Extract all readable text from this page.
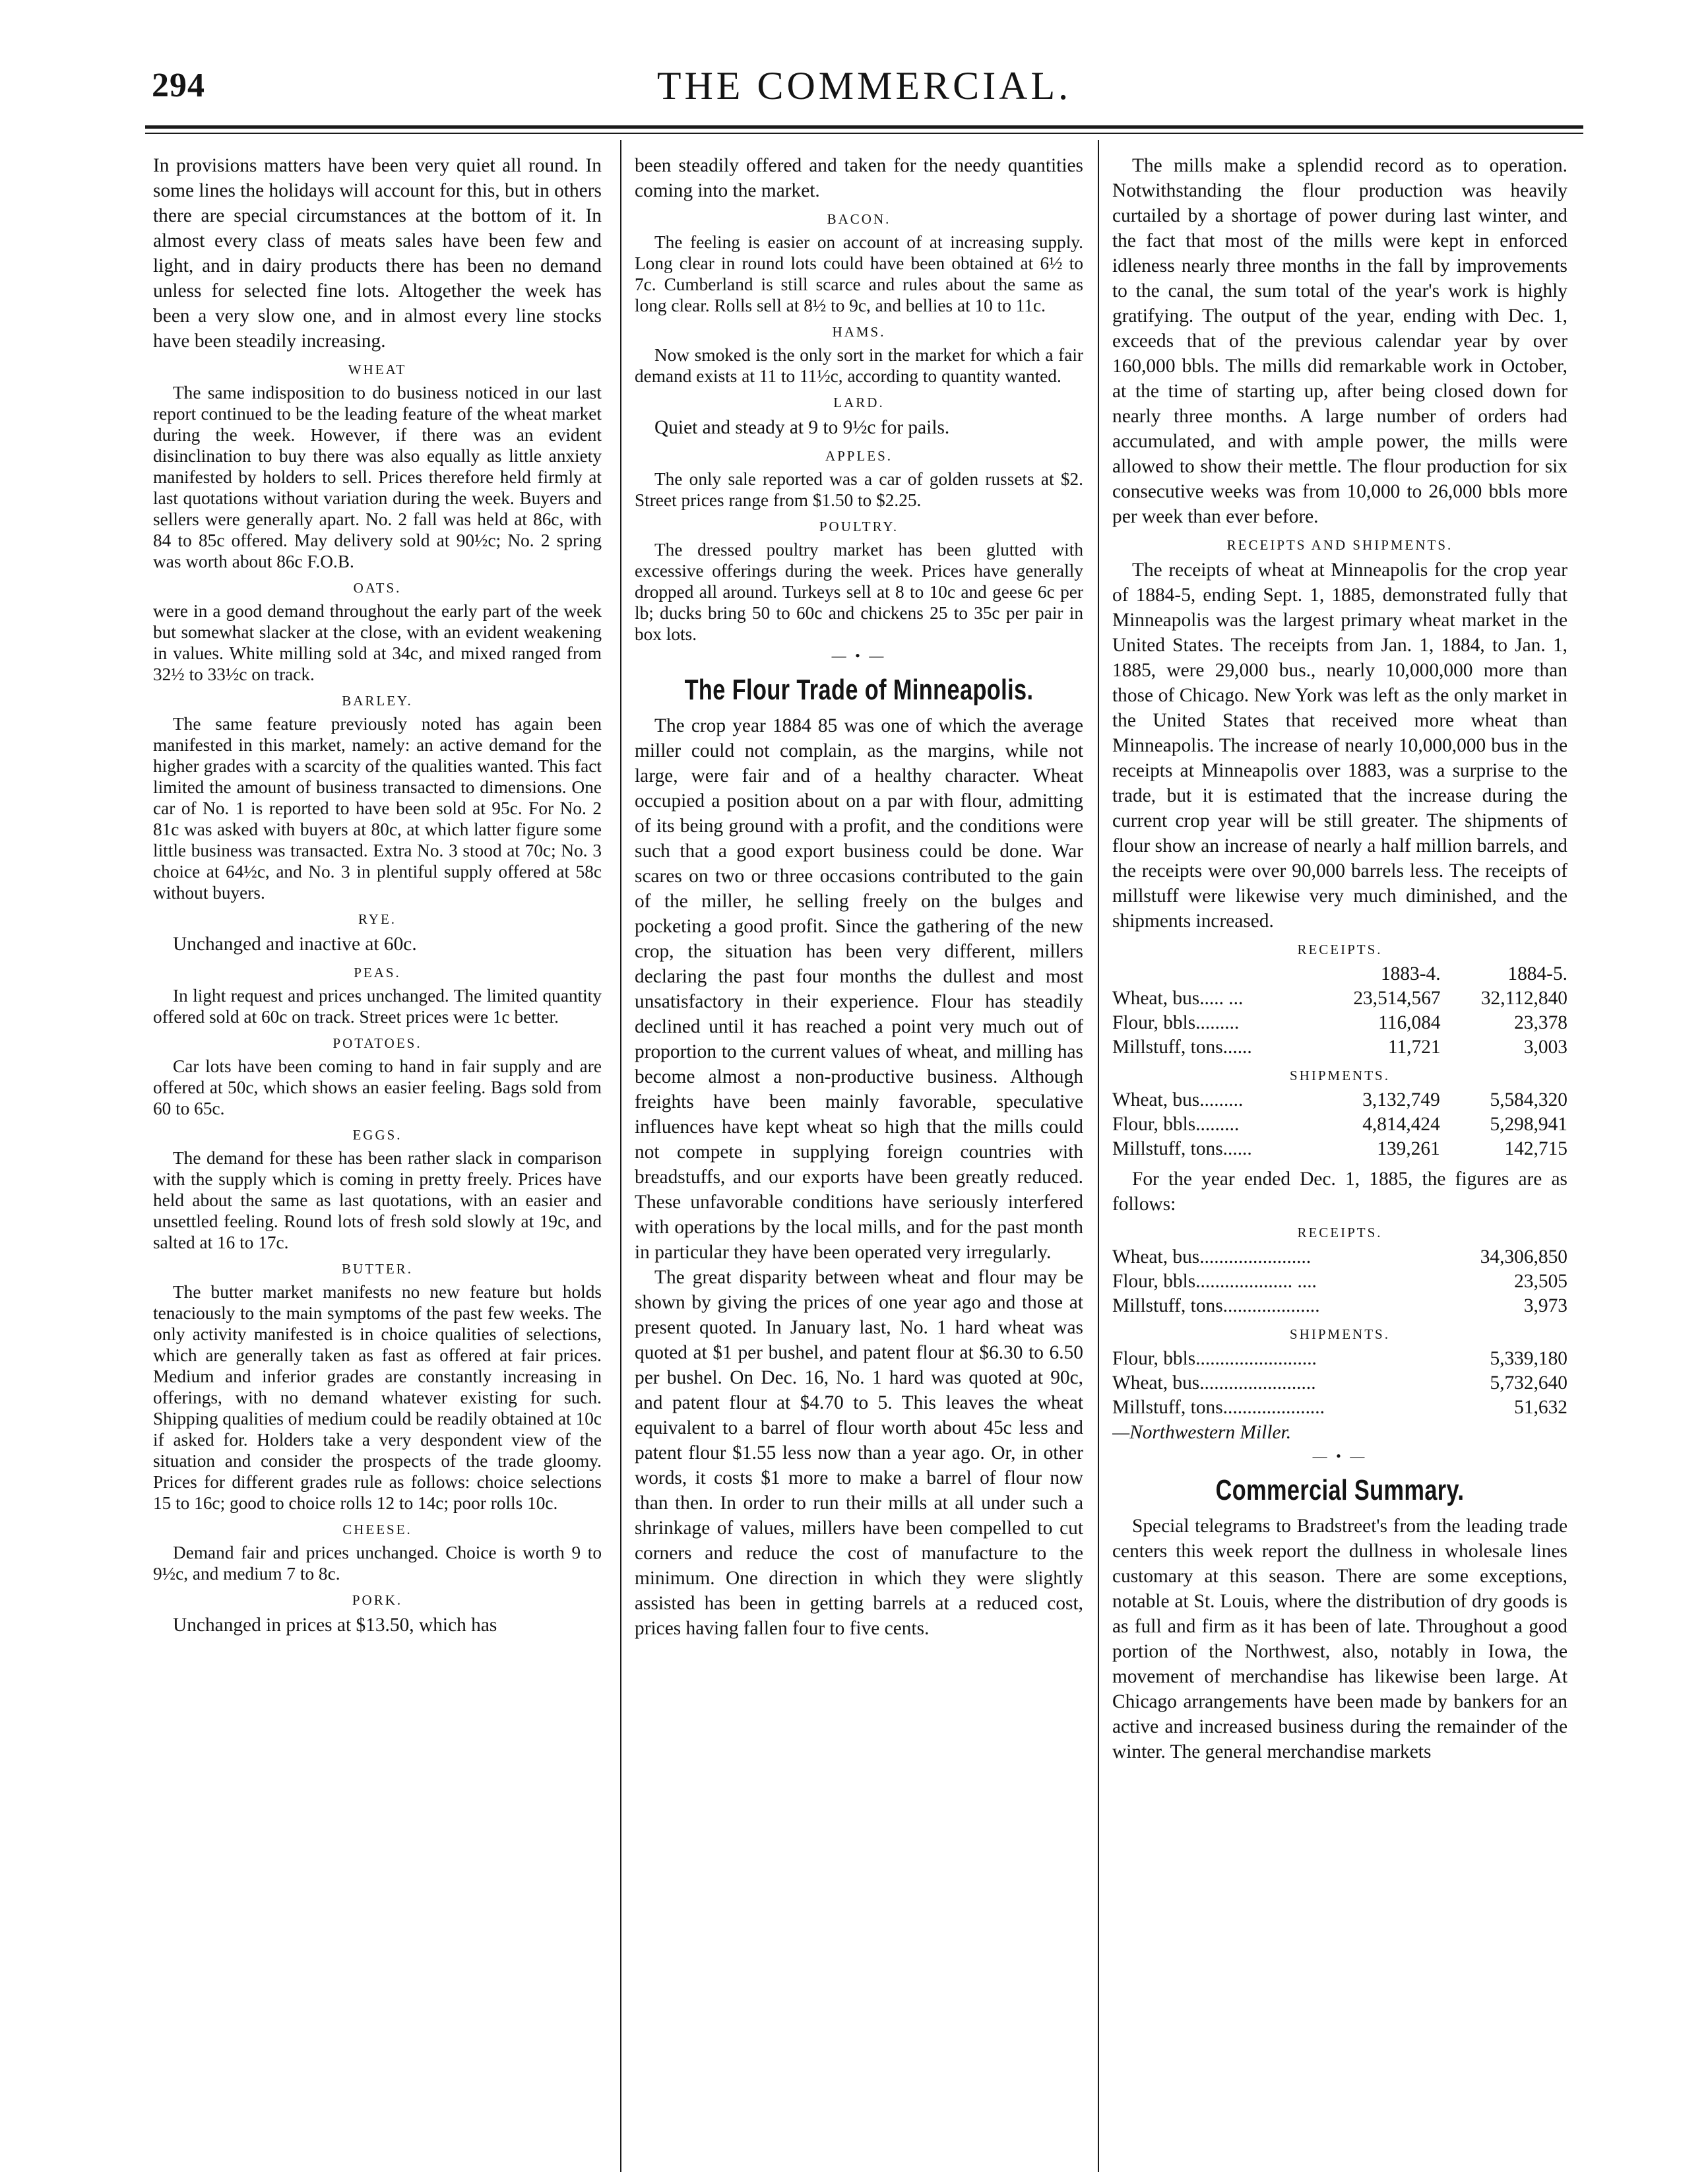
294	THE COMMERCIAL.

In provisions matters have been very quiet all round. In some lines the holidays will account for this, but in others there are special circumstances at the bottom of it. In almost every class of meats sales have been few and light, and in dairy products there has been no demand unless for selected fine lots. Altogether the week has been a very slow one, and in almost every line stocks have been steadily increasing.

WHEAT

The same indisposition to do business noticed in our last report continued to be the leading feature of the wheat market during the week. However, if there was an evident disinclination to buy there was also equally as little anxiety manifested by holders to sell. Prices therefore held firmly at last quotations without variation during the week. Buyers and sellers were generally apart. No. 2 fall was held at 86c, with 84 to 85c offered. May delivery sold at 90½c; No. 2 spring was worth about 86c F.O.B.

OATS.

were in a good demand throughout the early part of the week but somewhat slacker at the close, with an evident weakening in values. White milling sold at 34c, and mixed ranged from 32½ to 33½c on track.

BARLEY.

The same feature previously noted has again been manifested in this market, namely: an active demand for the higher grades with a scarcity of the qualities wanted. This fact limited the amount of business transacted to dimensions. One car of No. 1 is reported to have been sold at 95c. For No. 2 81c was asked with buyers at 80c, at which latter figure some little business was transacted. Extra No. 3 stood at 70c; No. 3 choice at 64½c, and No. 3 in plentiful supply offered at 58c without buyers.

RYE.

Unchanged and inactive at 60c.

PEAS.

In light request and prices unchanged. The limited quantity offered sold at 60c on track. Street prices were 1c better.

POTATOES.

Car lots have been coming to hand in fair supply and are offered at 50c, which shows an easier feeling. Bags sold from 60 to 65c.

EGGS.

The demand for these has been rather slack in comparison with the supply which is coming in pretty freely. Prices have held about the same as last quotations, with an easier and unsettled feeling. Round lots of fresh sold slowly at 19c, and salted at 16 to 17c.

BUTTER.

The butter market manifests no new feature but holds tenaciously to the main symptoms of the past few weeks. The only activity manifested is in choice qualities of selections, which are generally taken as fast as offered at fair prices. Medium and inferior grades are constantly increasing in offerings, with no demand whatever existing for such. Shipping qualities of medium could be readily obtained at 10c if asked for. Holders take a very despondent view of the situation and consider the prospects of the trade gloomy. Prices for different grades rule as follows: choice selections 15 to 16c; good to choice rolls 12 to 14c; poor rolls 10c.

CHEESE.

Demand fair and prices unchanged. Choice is worth 9 to 9½c, and medium 7 to 8c.

PORK.

Unchanged in prices at $13.50, which has

been steadily offered and taken for the needy quantities coming into the market.

BACON.

The feeling is easier on account of at increasing supply. Long clear in round lots could have been obtained at 6½ to 7c. Cumberland is still scarce and rules about the same as long clear. Rolls sell at 8½ to 9c, and bellies at 10 to 11c.

HAMS.

Now smoked is the only sort in the market for which a fair demand exists at 11 to 11½c, according to quantity wanted.

LARD.

Quiet and steady at 9 to 9½c for pails.

APPLES.

The only sale reported was a car of golden russets at $2. Street prices range from $1.50 to $2.25.

POULTRY.

The dressed poultry market has been glutted with excessive offerings during the week. Prices have generally dropped all around. Turkeys sell at 8 to 10c and geese 6c per lb; ducks bring 50 to 60c and chickens 25 to 35c per pair in box lots.

— • —
The Flour Trade of Minneapolis.

The crop year 1884 85 was one of which the average miller could not complain, as the margins, while not large, were fair and of a healthy character. Wheat occupied a position about on a par with flour, admitting of its being ground with a profit, and the conditions were such that a good export business could be done. War scares on two or three occasions contributed to the gain of the miller, he selling freely on the bulges and pocketing a good profit. Since the gathering of the new crop, the situation has been very different, millers declaring the past four months the dullest and most unsatisfactory in their experience. Flour has steadily declined until it has reached a point very much out of proportion to the current values of wheat, and milling has become almost a non-productive business. Although freights have been mainly favorable, speculative influences have kept wheat so high that the mills could not compete in supplying foreign countries with breadstuffs, and our exports have been greatly reduced. These unfavorable conditions have seriously interfered with operations by the local mills, and for the past month in particular they have been operated very irregularly.

The great disparity between wheat and flour may be shown by giving the prices of one year ago and those at present quoted. In January last, No. 1 hard wheat was quoted at $1 per bushel, and patent flour at $6.30 to 6.50 per bushel. On Dec. 16, No. 1 hard was quoted at 90c, and patent flour at $4.70 to 5. This leaves the wheat equivalent to a barrel of flour worth about 45c less and patent flour $1.55 less now than a year ago. Or, in other words, it costs $1 more to make a barrel of flour now than then. In order to run their mills at all under such a shrinkage of values, millers have been compelled to cut corners and reduce the cost of manufacture to the minimum. One direction in which they were slightly assisted has been in getting barrels at a reduced cost, prices having fallen four to five cents.

The mills make a splendid record as to operation. Notwithstanding the flour production was heavily curtailed by a shortage of power during last winter, and the fact that most of the mills were kept in enforced idleness nearly three months in the fall by improvements to the canal, the sum total of the year's work is highly gratifying. The output of the year, ending with Dec. 1, exceeds that of the previous calendar year by over 160,000 bbls. The mills did remarkable work in October, at the time of starting up, after being closed down for nearly three months. A large number of orders had accumulated, and with ample power, the mills were allowed to show their mettle. The flour production for six consecutive weeks was from 10,000 to 26,000 bbls more per week than ever before.

RECEIPTS AND SHIPMENTS.

The receipts of wheat at Minneapolis for the crop year of 1884-5, ending Sept. 1, 1885, demonstrated fully that Minneapolis was the largest primary wheat market in the United States. The receipts from Jan. 1, 1884, to Jan. 1, 1885, were 29,000 bus., nearly 10,000,000 more than those of Chicago. New York was left as the only market in the United States that received more wheat than Minneapolis. The increase of nearly 10,000,000 bus in the receipts at Minneapolis over 1883, was a surprise to the trade, but it is estimated that the increase during the current crop year will be still greater. The shipments of flour show an increase of nearly a half million barrels, and the receipts were over 90,000 barrels less. The receipts of millstuff were likewise very much diminished, and the shipments increased.

RECEIPTS.
	1883-4.	1884-5.
Wheat, bus..... ...	23,514,567	32,112,840
Flour, bbls.........	116,084	23,378
Millstuff, tons......	11,721	3,003
SHIPMENTS.
Wheat, bus.........	3,132,749	5,584,320
Flour, bbls.........	4,814,424	5,298,941
Millstuff, tons......	139,261	142,715

For the year ended Dec. 1, 1885, the figures are as follows:

RECEIPTS.
Wheat, bus.......................	34,306,850
Flour, bbls.................... ....	23,505
Millstuff, tons....................	3,973
SHIPMENTS.
Flour, bbls.........................	5,339,180
Wheat, bus........................	5,732,640
Millstuff, tons.....................	51,632
—Northwestern Miller.
— • —
Commercial Summary.

Special telegrams to Bradstreet's from the leading trade centers this week report the dullness in wholesale lines customary at this season. There are some exceptions, notable at St. Louis, where the distribution of dry goods is as full and firm as it has been of late. Throughout a good portion of the Northwest, also, notably in Iowa, the movement of merchandise has likewise been large. At Chicago arrangements have been made by bankers for an active and increased business during the remainder of the winter. The general merchandise markets
